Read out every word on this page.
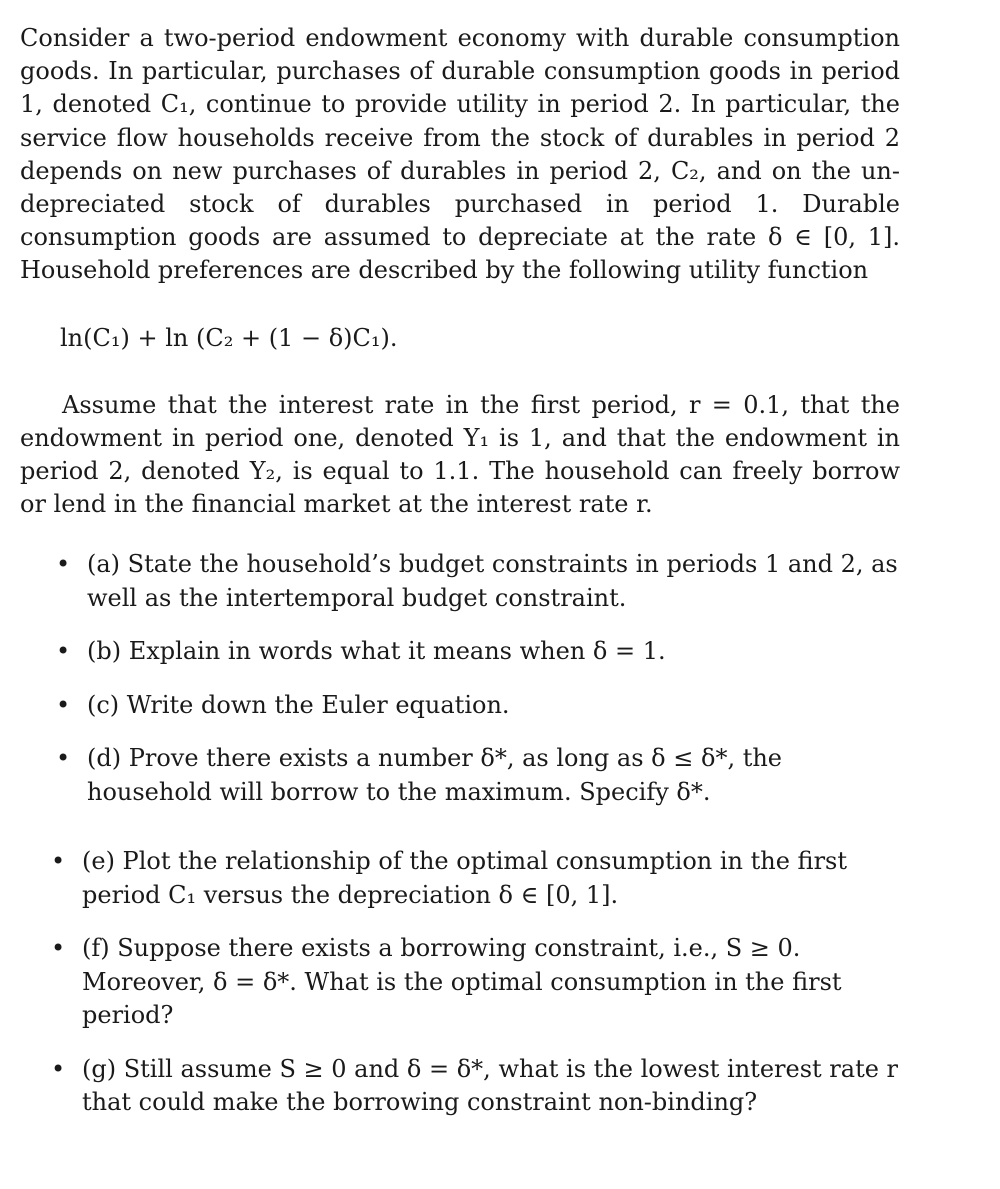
Consider a two-period endowment economy with durable consumption goods. In particular, purchases of durable consumption goods in period 1, denoted C₁, continue to provide utility in period 2. In particular, the service flow households receive from the stock of durables in period 2 depends on new purchases of durables in period 2, C₂, and on the un-depreciated stock of durables purchased in period 1. Durable consumption goods are assumed to depreciate at the rate δ ∈ [0, 1]. Household preferences are described by the following utility function

ln(C₁) + ln (C₂ + (1 − δ)C₁).

Assume that the interest rate in the first period, r = 0.1, that the endowment in period one, denoted Y₁ is 1, and that the endowment in period 2, denoted Y₂, is equal to 1.1. The household can freely borrow or lend in the financial market at the interest rate r.

• (a) State the household’s budget constraints in periods 1 and 2, as well as the intertemporal budget constraint.
• (b) Explain in words what it means when δ = 1.
• (c) Write down the Euler equation.
• (d) Prove there exists a number δ*, as long as δ ≤ δ*, the household will borrow to the maximum. Specify δ*.
• (e) Plot the relationship of the optimal consumption in the first period C₁ versus the depreciation δ ∈ [0, 1].
• (f) Suppose there exists a borrowing constraint, i.e., S ≥ 0. Moreover, δ = δ*. What is the optimal consumption in the first period?
• (g) Still assume S ≥ 0 and δ = δ*, what is the lowest interest rate r that could make the borrowing constraint non-binding?
